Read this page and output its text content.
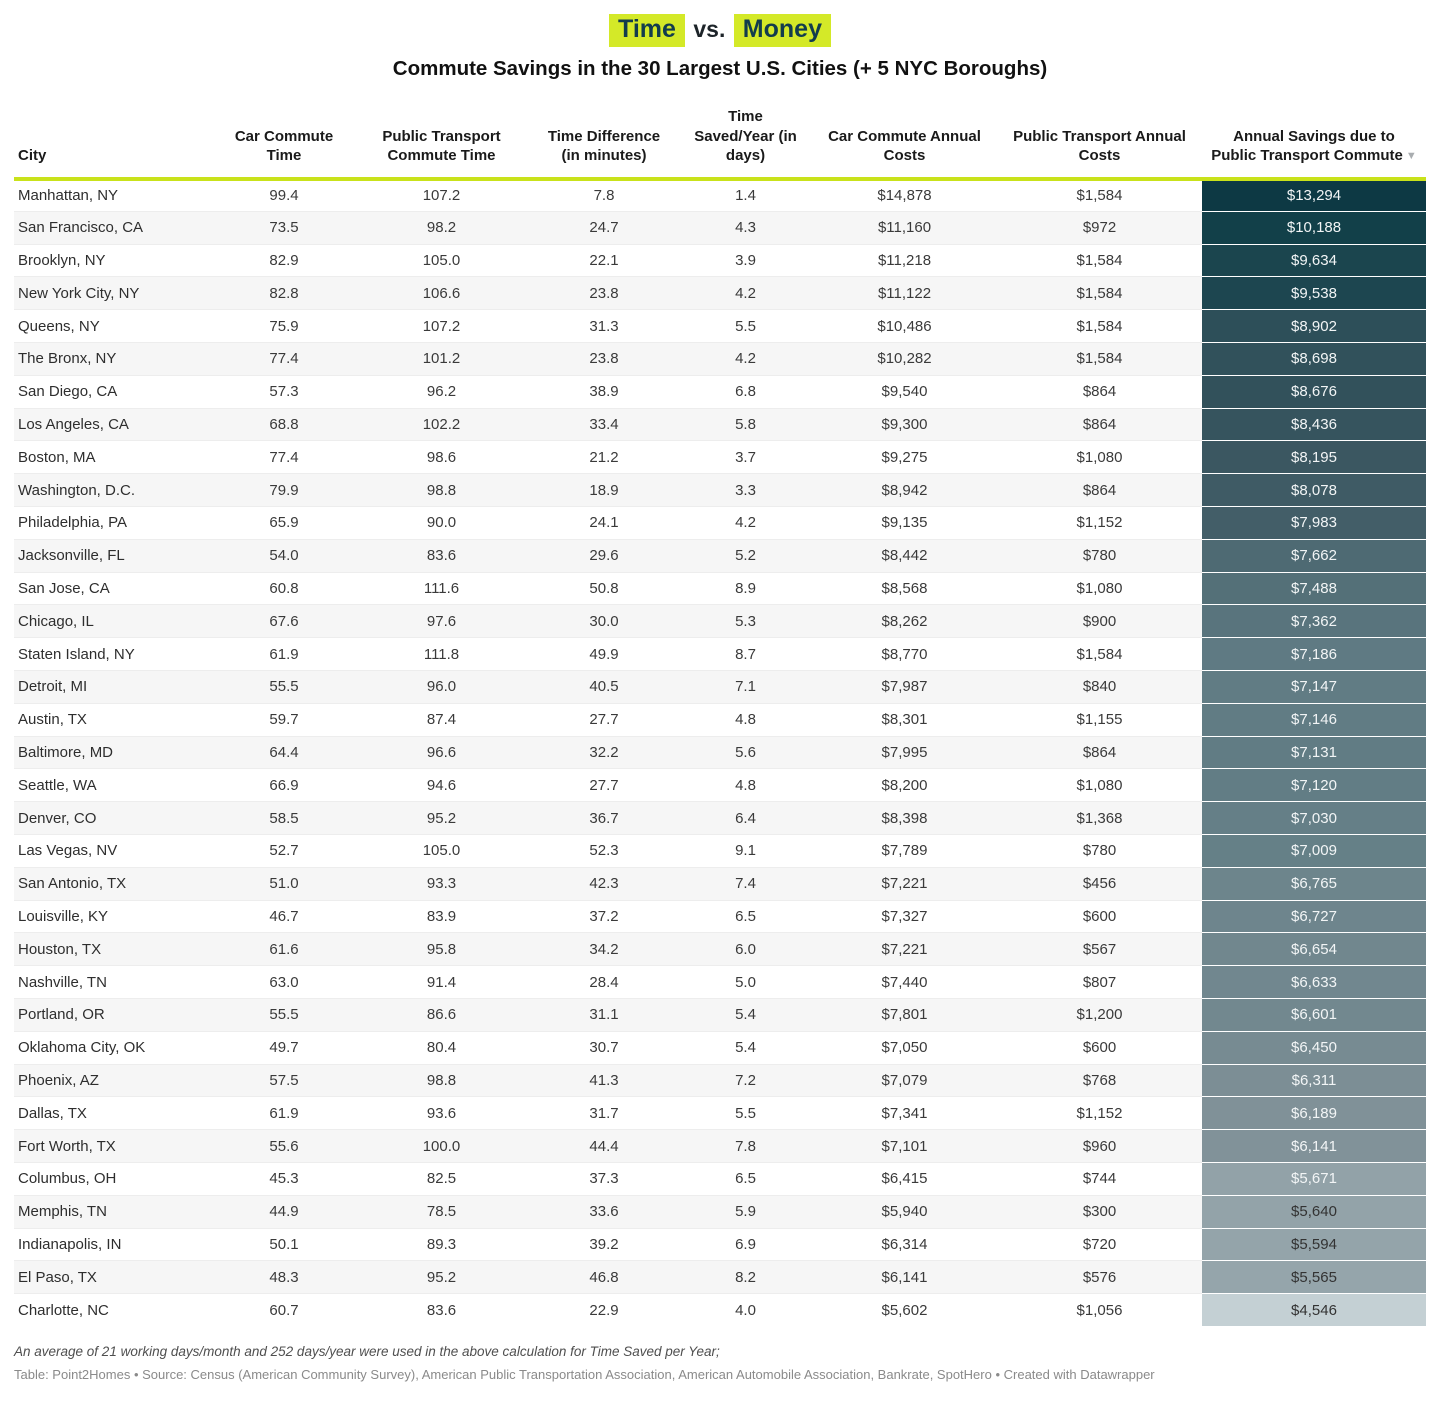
Time vs. Money
Commute Savings in the 30 Largest U.S. Cities (+ 5 NYC Boroughs)
City	Car Commute Time	Public Transport Commute Time	Time Difference (in minutes)	Time Saved/Year (in days)	Car Commute Annual Costs	Public Transport Annual Costs	Annual Savings due to Public Transport Commute ▼
Manhattan, NY	99.4	107.2	7.8	1.4	$14,878	$1,584	$13,294
San Francisco, CA	73.5	98.2	24.7	4.3	$11,160	$972	$10,188
Brooklyn, NY	82.9	105.0	22.1	3.9	$11,218	$1,584	$9,634
New York City, NY	82.8	106.6	23.8	4.2	$11,122	$1,584	$9,538
Queens, NY	75.9	107.2	31.3	5.5	$10,486	$1,584	$8,902
The Bronx, NY	77.4	101.2	23.8	4.2	$10,282	$1,584	$8,698
San Diego, CA	57.3	96.2	38.9	6.8	$9,540	$864	$8,676
Los Angeles, CA	68.8	102.2	33.4	5.8	$9,300	$864	$8,436
Boston, MA	77.4	98.6	21.2	3.7	$9,275	$1,080	$8,195
Washington, D.C.	79.9	98.8	18.9	3.3	$8,942	$864	$8,078
Philadelphia, PA	65.9	90.0	24.1	4.2	$9,135	$1,152	$7,983
Jacksonville, FL	54.0	83.6	29.6	5.2	$8,442	$780	$7,662
San Jose, CA	60.8	111.6	50.8	8.9	$8,568	$1,080	$7,488
Chicago, IL	67.6	97.6	30.0	5.3	$8,262	$900	$7,362
Staten Island, NY	61.9	111.8	49.9	8.7	$8,770	$1,584	$7,186
Detroit, MI	55.5	96.0	40.5	7.1	$7,987	$840	$7,147
Austin, TX	59.7	87.4	27.7	4.8	$8,301	$1,155	$7,146
Baltimore, MD	64.4	96.6	32.2	5.6	$7,995	$864	$7,131
Seattle, WA	66.9	94.6	27.7	4.8	$8,200	$1,080	$7,120
Denver, CO	58.5	95.2	36.7	6.4	$8,398	$1,368	$7,030
Las Vegas, NV	52.7	105.0	52.3	9.1	$7,789	$780	$7,009
San Antonio, TX	51.0	93.3	42.3	7.4	$7,221	$456	$6,765
Louisville, KY	46.7	83.9	37.2	6.5	$7,327	$600	$6,727
Houston, TX	61.6	95.8	34.2	6.0	$7,221	$567	$6,654
Nashville, TN	63.0	91.4	28.4	5.0	$7,440	$807	$6,633
Portland, OR	55.5	86.6	31.1	5.4	$7,801	$1,200	$6,601
Oklahoma City, OK	49.7	80.4	30.7	5.4	$7,050	$600	$6,450
Phoenix, AZ	57.5	98.8	41.3	7.2	$7,079	$768	$6,311
Dallas, TX	61.9	93.6	31.7	5.5	$7,341	$1,152	$6,189
Fort Worth, TX	55.6	100.0	44.4	7.8	$7,101	$960	$6,141
Columbus, OH	45.3	82.5	37.3	6.5	$6,415	$744	$5,671
Memphis, TN	44.9	78.5	33.6	5.9	$5,940	$300	$5,640
Indianapolis, IN	50.1	89.3	39.2	6.9	$6,314	$720	$5,594
El Paso, TX	48.3	95.2	46.8	8.2	$6,141	$576	$5,565
Charlotte, NC	60.7	83.6	22.9	4.0	$5,602	$1,056	$4,546
An average of 21 working days/month and 252 days/year were used in the above calculation for Time Saved per Year;
Table: Point2Homes • Source: Census (American Community Survey), American Public Transportation Association, American Automobile Association, Bankrate, SpotHero • Created with Datawrapper
